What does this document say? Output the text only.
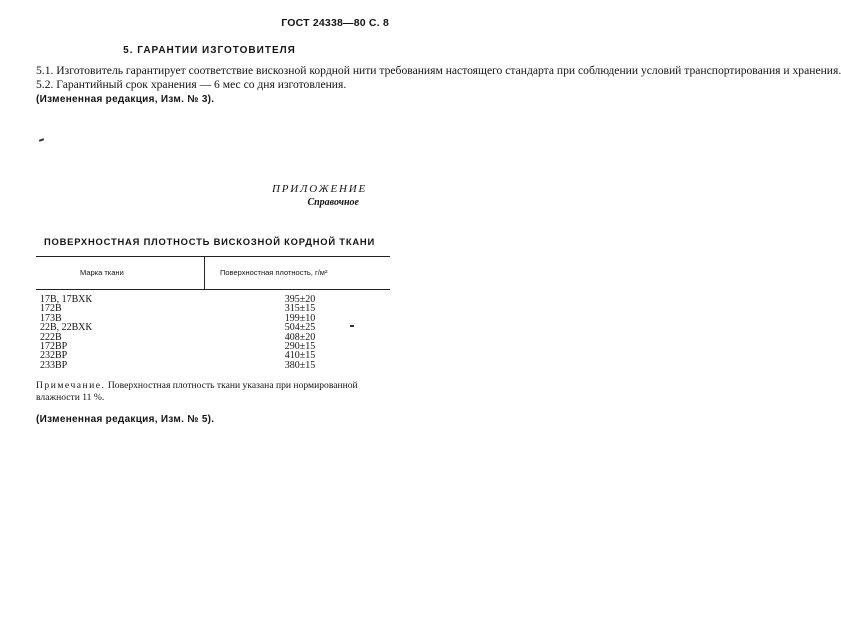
ГОСТ 24338—80 С. 8
5. ГАРАНТИИ ИЗГОТОВИТЕЛЯ

5.1. Изготовитель гарантирует соответствие вискозной кордной нити требованиям настоящего стандарта при соблюдении условий транспортирования и хранения.

5.2. Гарантийный срок хранения — 6 мес со дня изготовления.

(Измененная редакция, Изм. № 3).

ПРИЛОЖЕНИЕ
Справочное
ПОВЕРХНОСТНАЯ ПЛОТНОСТЬ ВИСКОЗНОЙ КОРДНОЙ ТКАНИ
Марка ткани	Поверхностная плотность, г/м²
17В, 17ВХК	395±20
172В	315±15
173В	199±10
22В, 22ВХК	504±25
222В	408±20
172ВР	290±15
232ВР	410±15
233ВР	380±15
Примечание. Поверхностная плотность ткани указана при нормированной влажности 11 %.
(Измененная редакция, Изм. № 5).
